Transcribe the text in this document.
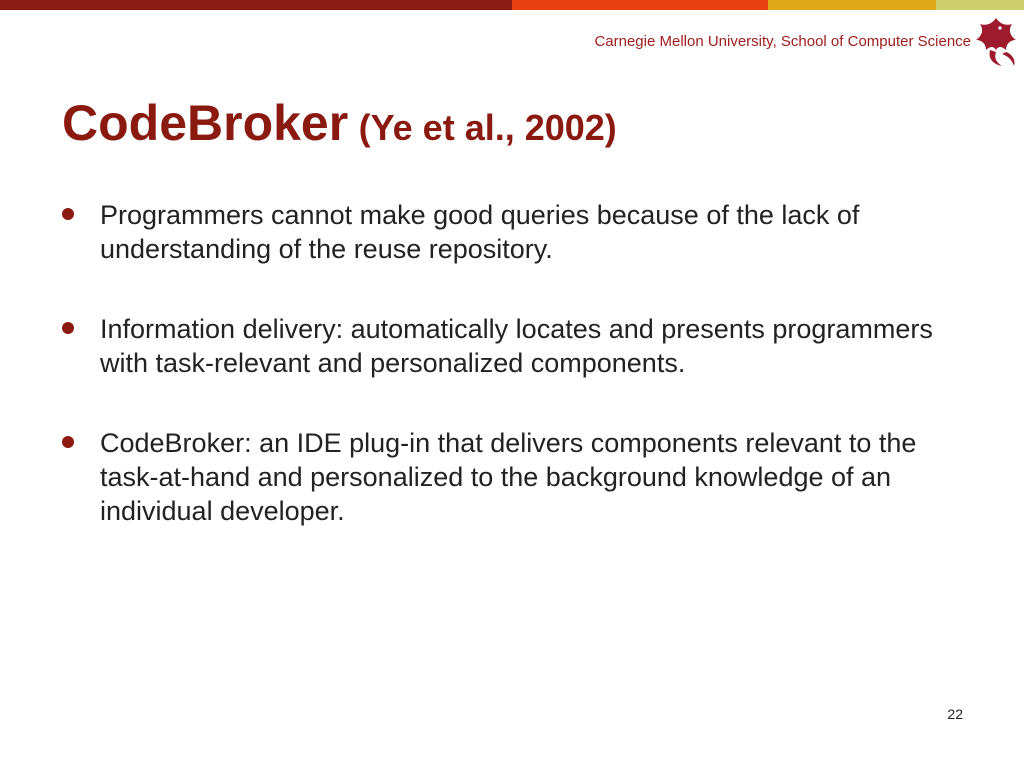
Carnegie Mellon University, School of Computer Science
CodeBroker (Ye et al., 2002)
Programmers cannot make good queries because of the lack of understanding of the reuse repository.
Information delivery: automatically locates and presents programmers with task-relevant and personalized components.
CodeBroker: an IDE plug-in that delivers components relevant to the task-at-hand and personalized to the background knowledge of an individual developer.
22
